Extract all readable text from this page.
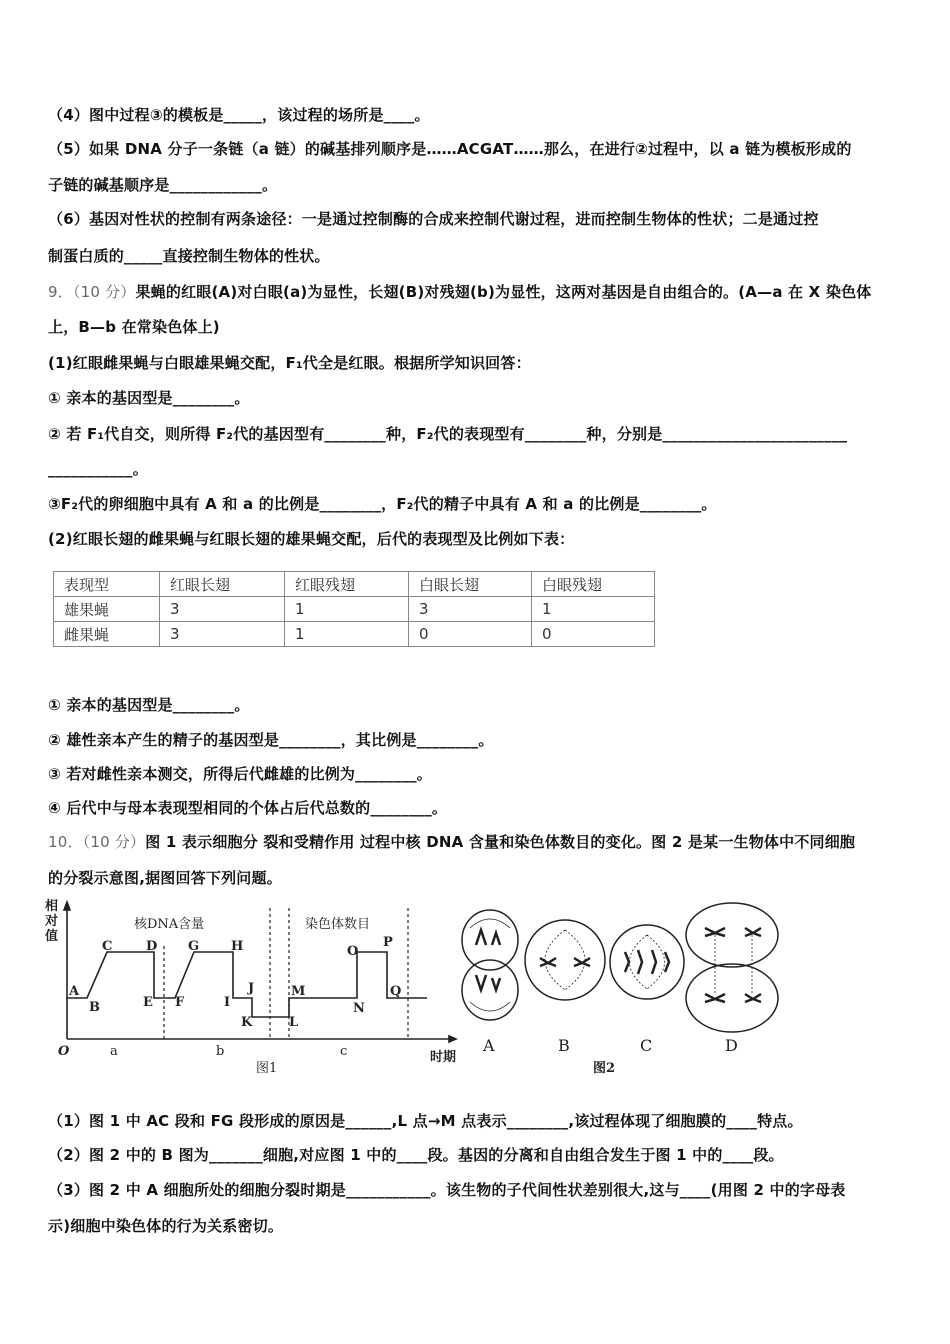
（4）图中过程③的模板是_____，该过程的场所是____。
（5）如果 DNA 分子一条链（a 链）的碱基排列顺序是……ACGAT……那么，在进行②过程中，以 a 链为模板形成的
子链的碱基顺序是____________。
（6）基因对性状的控制有两条途径：一是通过控制酶的合成来控制代谢过程，进而控制生物体的性状；二是通过控
制蛋白质的_____直接控制生物体的性状。
9．（10 分）果蝇的红眼(A)对白眼(a)为显性，长翅(B)对残翅(b)为显性，这两对基因是自由组合的。(A—a 在 X 染色体
上，B—b 在常染色体上)
(1)红眼雌果蝇与白眼雄果蝇交配，F₁代全是红眼。根据所学知识回答：
① 亲本的基因型是________。
② 若 F₁代自交，则所得 F₂代的基因型有________种，F₂代的表现型有________种，分别是________________________
___________。
③F₂代的卵细胞中具有 A 和 a 的比例是________，F₂代的精子中具有 A 和 a 的比例是________。
(2)红眼长翅的雌果蝇与红眼长翅的雄果蝇交配，后代的表现型及比例如下表：
表现型	红眼长翅	红眼残翅	白眼长翅	白眼残翅
雄果蝇	3	1	3	1
雌果蝇	3	1	0	0
① 亲本的基因型是________。
② 雄性亲本产生的精子的基因型是________，其比例是________。
③ 若对雌性亲本测交，所得后代雌雄的比例为________。
④ 后代中与母本表现型相同的个体占后代总数的________。
10．（10 分）图 1 表示细胞分 裂和受精作用 过程中核 DNA 含量和染色体数目的变化。图 2 是某一生物体中不同细胞
的分裂示意图,据图回答下列问题。
相
对
值
O	时期
核DNA含量	染色体数目
A
B
C	D
E F
G H
I
J
K	L
M
N
O
P
Q
a	b	c
图1
A	B	C	D
图2
（1）图 1 中 AC 段和 FG 段形成的原因是______,L 点→M 点表示________,该过程体现了细胞膜的____特点。
（2）图 2 中的 B 图为_______细胞,对应图 1 中的____段。基因的分离和自由组合发生于图 1 中的____段。
（3）图 2 中 A 细胞所处的细胞分裂时期是___________。该生物的子代间性状差别很大,这与____(用图 2 中的字母表
示)细胞中染色体的行为关系密切。
